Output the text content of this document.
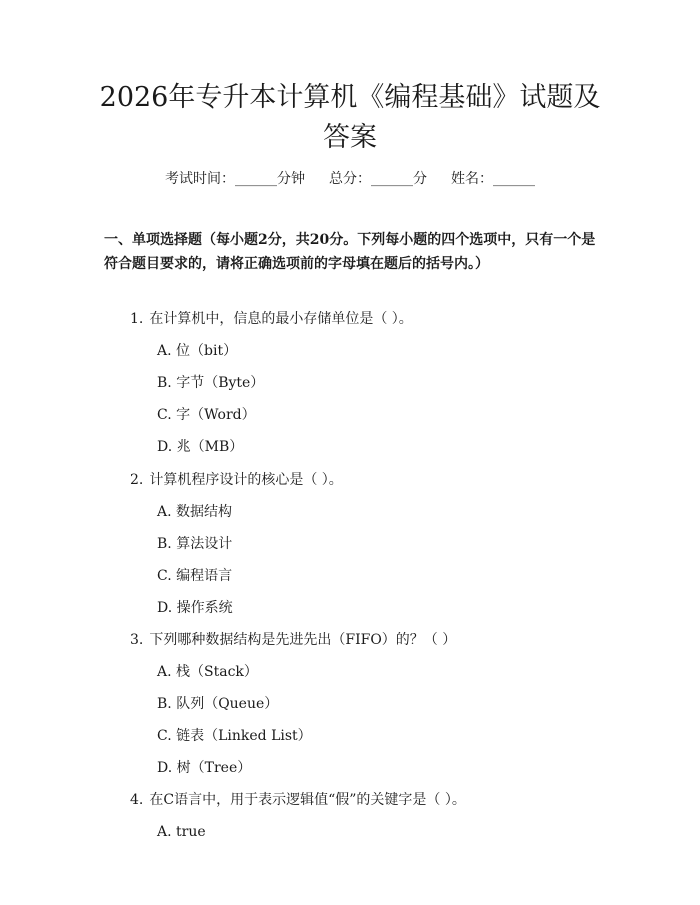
2026年专升本计算机《编程基础》试题及答案
考试时间：______分钟 总分：______分 姓名：______

一、单项选择题（每小题2分，共20分。下列每小题的四个选项中，只有一个是符合题目要求的，请将正确选项前的字母填在题后的括号内。）

1. 在计算机中，信息的最小存储单位是（ ）。
A. 位（bit）
B. 字节（Byte）
C. 字（Word）
D. 兆（MB）
2. 计算机程序设计的核心是（ ）。
A. 数据结构
B. 算法设计
C. 编程语言
D. 操作系统
3. 下列哪种数据结构是先进先出（FIFO）的？（ ）
A. 栈（Stack）
B. 队列（Queue）
C. 链表（Linked List）
D. 树（Tree）
4. 在C语言中，用于表示逻辑值“假”的关键字是（ ）。
A. true
